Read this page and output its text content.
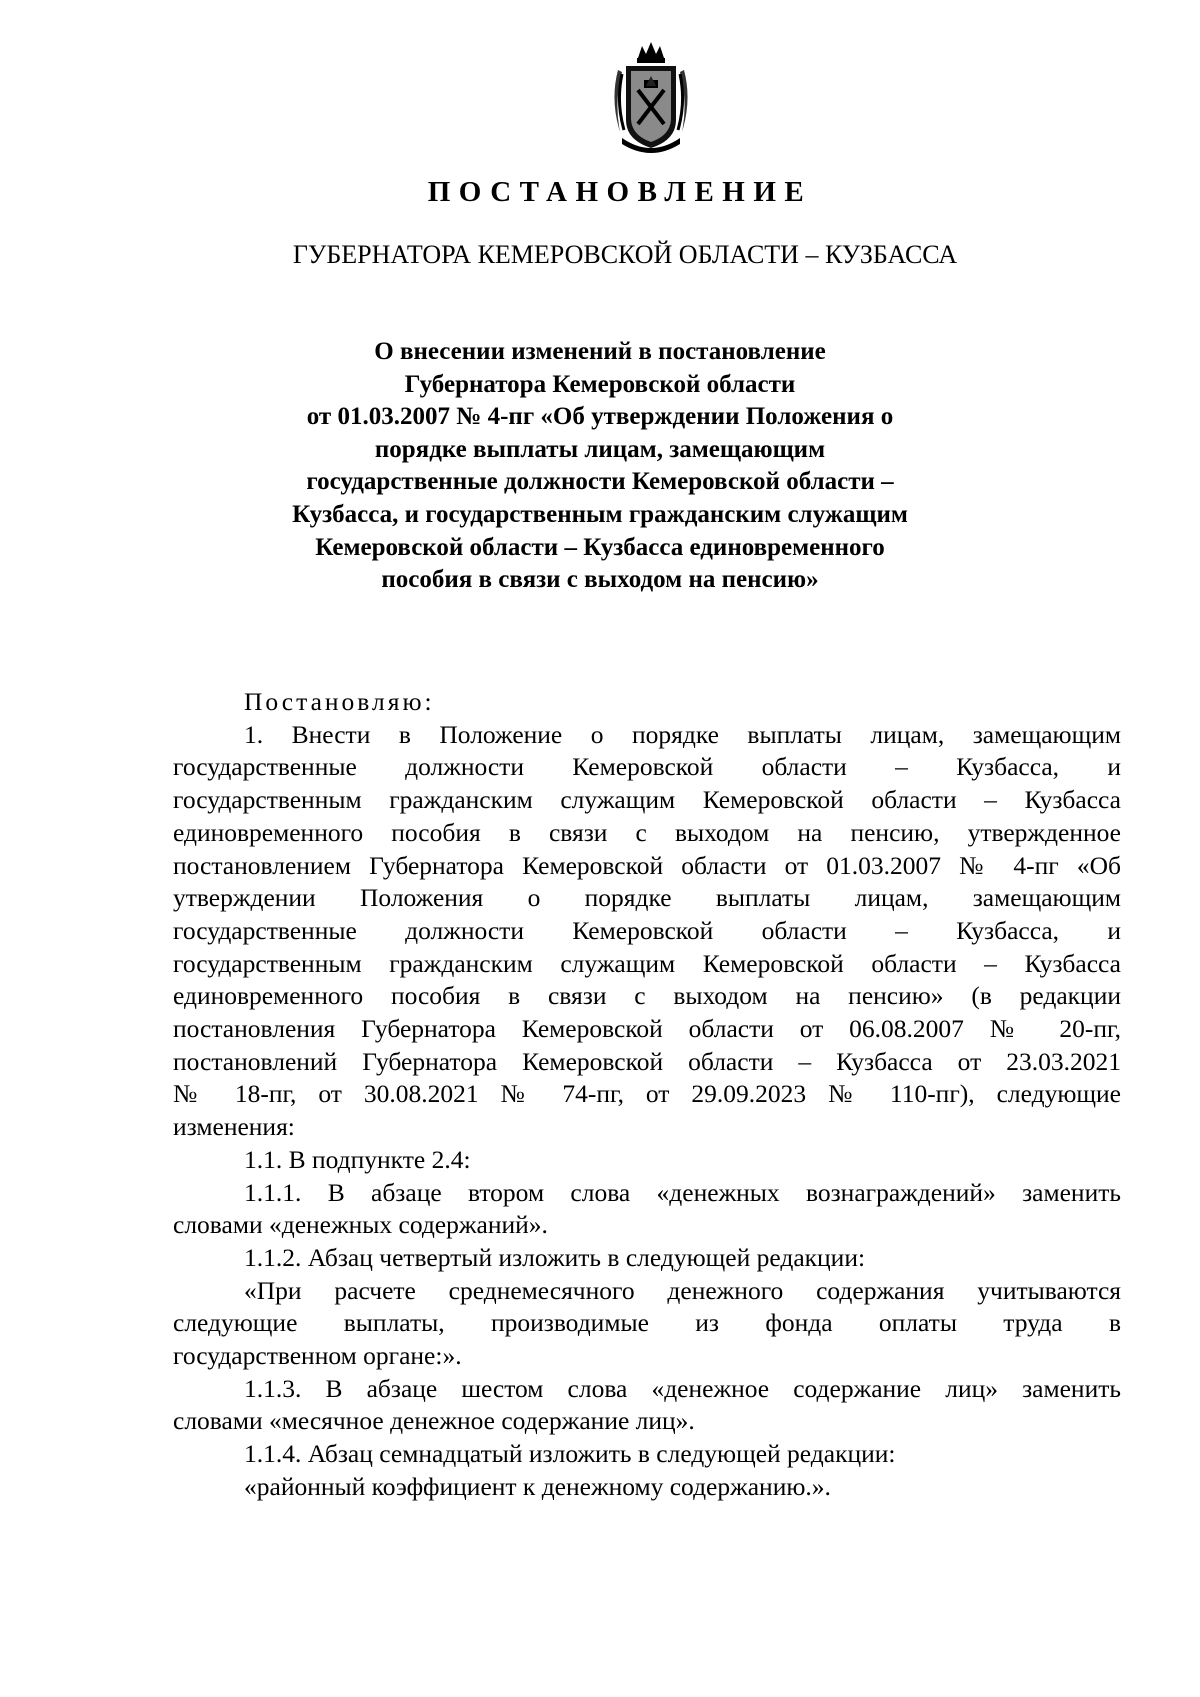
ПОСТАНОВЛЕНИЕ
ГУБЕРНАТОРА КЕМЕРОВСКОЙ ОБЛАСТИ – КУЗБАССА
О внесении изменений в постановление
Губернатора Кемеровской области
от 01.03.2007 № 4-пг «Об утверждении Положения о
порядке выплаты лицам, замещающим
государственные должности Кемеровской области –
Кузбасса, и государственным гражданским служащим
Кемеровской области – Кузбасса единовременного
пособия в связи с выходом на пенсию»

Постановляю:

1. Внести в Положение о порядке выплаты лицам, замещающим
государственные должности Кемеровской области – Кузбасса, и
государственным гражданским служащим Кемеровской области – Кузбасса
единовременного пособия в связи с выходом на пенсию, утвержденное
постановлением Губернатора Кемеровской области от 01.03.2007 № 4-пг «Об
утверждении Положения о порядке выплаты лицам, замещающим
государственные должности Кемеровской области – Кузбасса, и
государственным гражданским служащим Кемеровской области – Кузбасса
единовременного пособия в связи с выходом на пенсию» (в редакции
постановления Губернатора Кемеровской области от 06.08.2007 № 20-пг,
постановлений Губернатора Кемеровской области – Кузбасса от 23.03.2021
№ 18-пг, от 30.08.2021 № 74-пг, от 29.09.2023 № 110-пг), следующие
изменения:

1.1. В подпункте 2.4:

1.1.1. В абзаце втором слова «денежных вознаграждений» заменить
словами «денежных содержаний».

1.1.2. Абзац четвертый изложить в следующей редакции:

«При расчете среднемесячного денежного содержания учитываются
следующие выплаты, производимые из фонда оплаты труда в
государственном органе:».
1.1.3. В абзаце шестом слова «денежное содержание лиц» заменить
словами «месячное денежное содержание лиц».

1.1.4. Абзац семнадцатый изложить в следующей редакции:

«районный коэффициент к денежному содержанию.».
